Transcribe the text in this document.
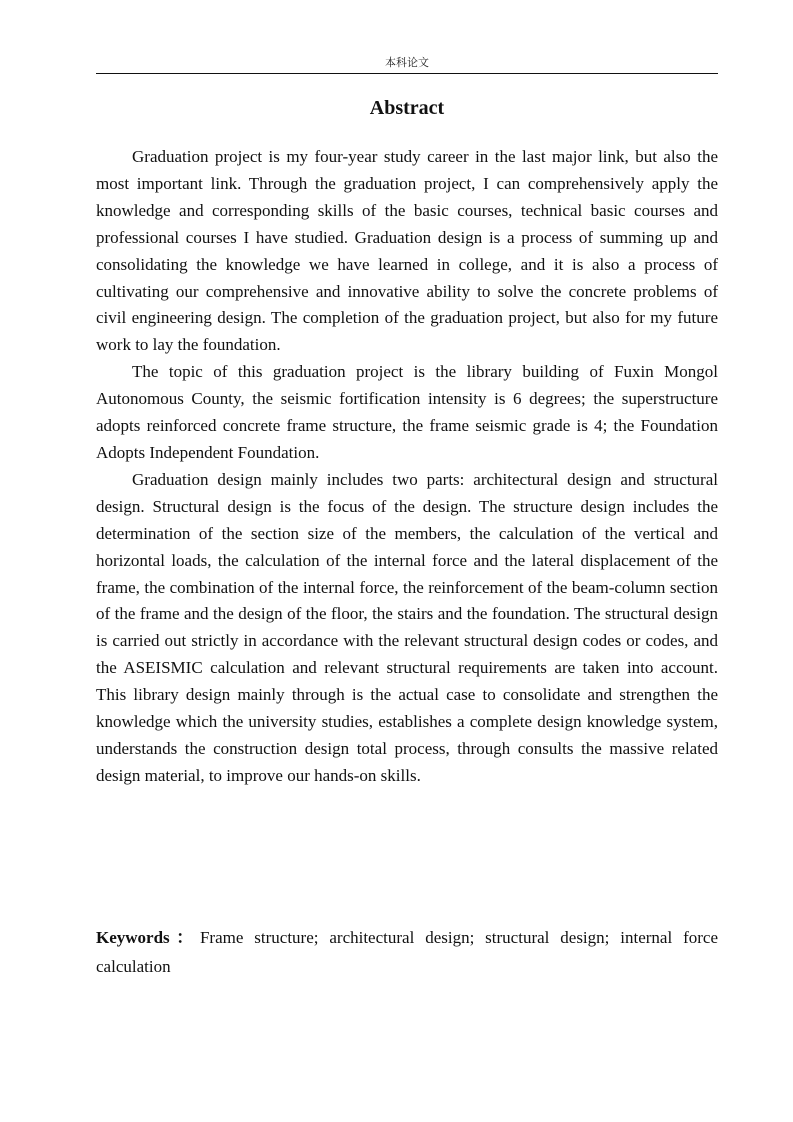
本科论文
Abstract

Graduation project is my four-year study career in the last major link, but also the most important link. Through the graduation project, I can comprehensively apply the knowledge and corresponding skills of the basic courses, technical basic courses and professional courses I have studied. Graduation design is a process of summing up and consolidating the knowledge we have learned in college, and it is also a process of cultivating our comprehensive and innovative ability to solve the concrete problems of civil engineering design. The completion of the graduation project, but also for my future work to lay the foundation.

The topic of this graduation project is the library building of Fuxin Mongol Autonomous County, the seismic fortification intensity is 6 degrees; the superstructure adopts reinforced concrete frame structure, the frame seismic grade is 4; the Foundation Adopts Independent Foundation.

Graduation design mainly includes two parts: architectural design and structural design. Structural design is the focus of the design. The structure design includes the determination of the section size of the members, the calculation of the vertical and horizontal loads, the calculation of the internal force and the lateral displacement of the frame, the combination of the internal force, the reinforcement of the beam-column section of the frame and the design of the floor, the stairs and the foundation. The structural design is carried out strictly in accordance with the relevant structural design codes or codes, and the ASEISMIC calculation and relevant structural requirements are taken into account. This library design mainly through is the actual case to consolidate and strengthen the knowledge which the university studies, establishes a complete design knowledge system, understands the construction design total process, through consults the massive related design material, to improve our hands-on skills.

Keywords：Frame structure; architectural design; structural design; internal force calculation
